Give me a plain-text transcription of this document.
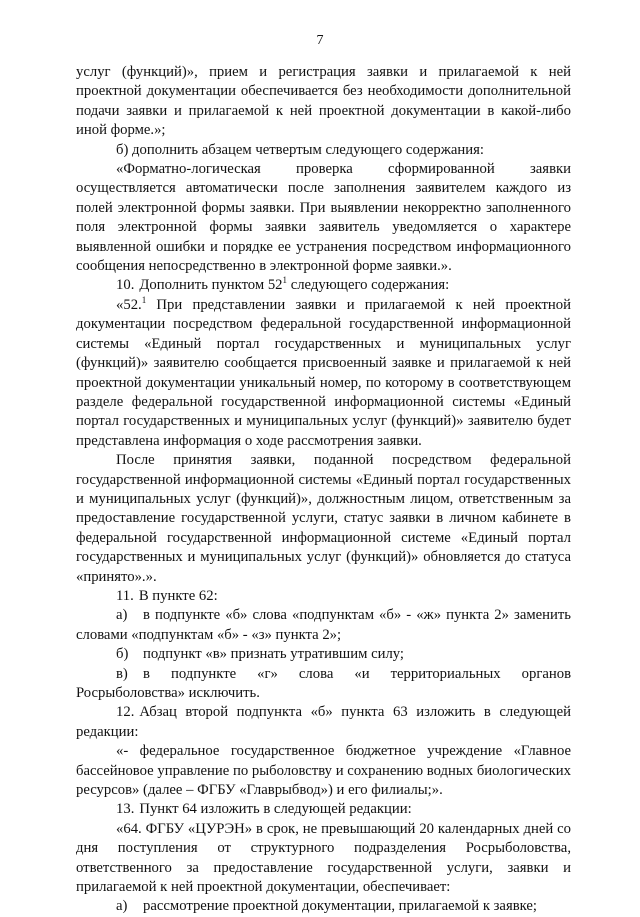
7

услуг (функций)», прием и регистрация заявки и прилагаемой к ней проектной документации обеспечивается без необходимости дополнительной подачи заявки и прилагаемой к ней проектной документации в какой-либо иной форме.»;

б) дополнить абзацем четвертым следующего содержания:

«Форматно-логическая проверка сформированной заявки осуществляется автоматически после заполнения заявителем каждого из полей электронной формы заявки. При выявлении некорректно заполненного поля электронной формы заявки заявитель уведомляется о характере выявленной ошибки и порядке ее устранения посредством информационного сообщения непосредственно в электронной форме заявки.».

10. Дополнить пунктом $52^1$ следующего содержания:

«52.$^1$ При представлении заявки и прилагаемой к ней проектной документации посредством федеральной государственной информационной системы «Единый портал государственных и муниципальных услуг (функций)» заявителю сообщается присвоенный заявке и прилагаемой к ней проектной документации уникальный номер, по которому в соответствующем разделе федеральной государственной информационной системы «Единый портал государственных и муниципальных услуг (функций)» заявителю будет представлена информация о ходе рассмотрения заявки.

После принятия заявки, поданной посредством федеральной государственной информационной системы «Единый портал государственных и муниципальных услуг (функций)», должностным лицом, ответственным за предоставление государственной услуги, статус заявки в личном кабинете в федеральной государственной информационной системе «Единый портал государственных и муниципальных услуг (функций)» обновляется до статуса «принято».».

11. В пункте 62:

а) в подпункте «б» слова «подпунктам «б» - «ж» пункта 2» заменить словами «подпунктам «б» - «з» пункта 2»;

б) подпункт «в» признать утратившим силу;

в) в подпункте «г» слова «и территориальных органов Росрыболовства» исключить.

12. Абзац второй подпункта «б» пункта 63 изложить в следующей редакции:

«- федеральное государственное бюджетное учреждение «Главное бассейновое управление по рыболовству и сохранению водных биологических ресурсов» (далее – ФГБУ «Главрыбвод») и его филиалы;».

13. Пункт 64 изложить в следующей редакции:

«64. ФГБУ «ЦУРЭН» в срок, не превышающий 20 календарных дней со дня поступления от структурного подразделения Росрыболовства, ответственного за предоставление государственной услуги, заявки и прилагаемой к ней проектной документации, обеспечивает:

а) рассмотрение проектной документации, прилагаемой к заявке;
